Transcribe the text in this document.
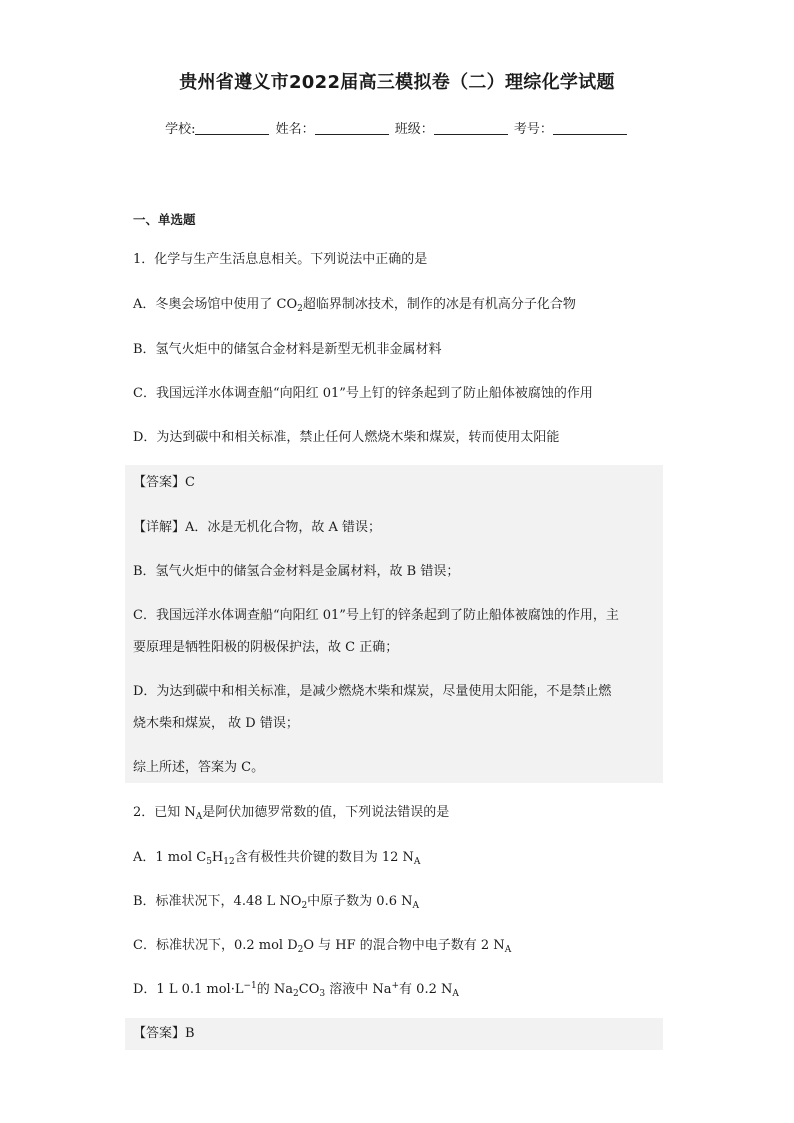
贵州省遵义市2022届高三模拟卷（二）理综化学试题
学校:	姓名：	班级：	考号：
一、单选题
1．化学与生产生活息息相关。下列说法中正确的是
A．冬奥会场馆中使用了 $CO_2$超临界制冰技术，制作的冰是有机高分子化合物
B．氢气火炬中的储氢合金材料是新型无机非金属材料
C．我国远洋水体调查船“向阳红 01”号上钉的锌条起到了防止船体被腐蚀的作用
D．为达到碳中和相关标准，禁止任何人燃烧木柴和煤炭，转而使用太阳能
【答案】C
【详解】A．冰是无机化合物，故 A 错误；
B．氢气火炬中的储氢合金材料是金属材料，故 B 错误；
C．我国远洋水体调查船“向阳红 01”号上钉的锌条起到了防止船体被腐蚀的作用，主
要原理是牺牲阳极的阴极保护法，故 C 正确；
D．为达到碳中和相关标准，是减少燃烧木柴和煤炭，尽量使用太阳能，不是禁止燃
烧木柴和煤炭， 故 D 错误；
综上所述，答案为 C。
2．已知 $N_A$是阿伏加德罗常数的值，下列说法错误的是
A．1 mol $C_5H_{12}$含有极性共价键的数目为 12 $N_A$
B．标准状况下，4.48 L $NO_2$中原子数为 0.6 $N_A$
C．标准状况下，0.2 mol $D_2O$ 与 HF 的混合物中电子数有 2 $N_A$
D．1 L 0.1 $mol\cdot L^{-1}$的 $Na_2CO_3$ 溶液中 Na+有 0.2 $N_A$
【答案】B
